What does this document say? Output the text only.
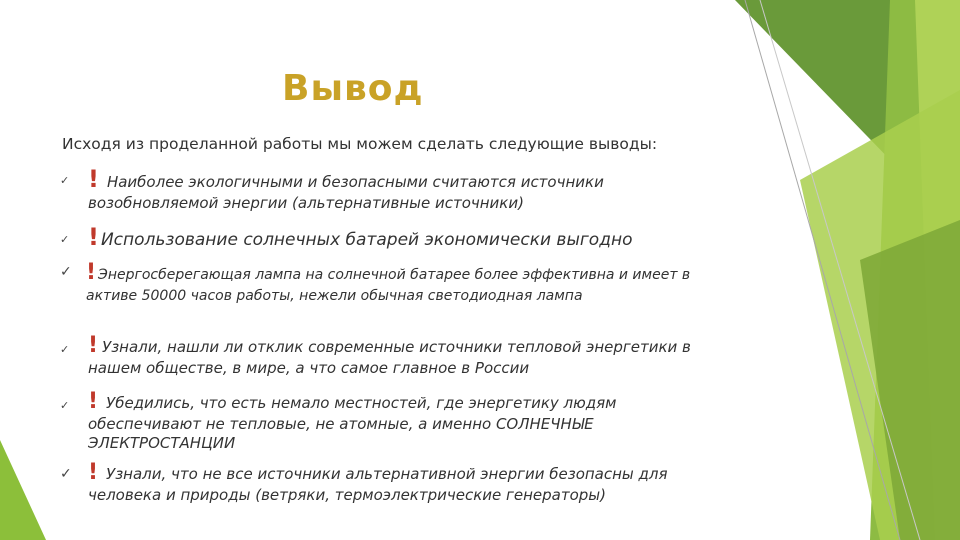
Вывод
Исходя из проделанной работы мы можем сделать следующие выводы:
✓ ! Наиболее экологичными и безопасными считаются источники возобновляемой энергии (альтернативные источники)
✓ ! Использование солнечных батарей экономически выгодно
✓ ! Энергосберегающая лампа на солнечной батарее более эффективна и имеет в активе 50000 часов работы, нежели обычная светодиодная лампа
✓ ! Узнали, нашли ли отклик современные источники тепловой энергетики в нашем обществе, в мире, а что самое главное в России
✓ ! Убедились, что есть немало местностей, где энергетику людям обеспечивают не тепловые, не атомные, а именно СОЛНЕЧНЫЕ ЭЛЕКТРОСТАНЦИИ
✓ ! Узнали, что не все источники альтернативной энергии безопасны для человека и природы (ветряки, термоэлектрические генераторы)
